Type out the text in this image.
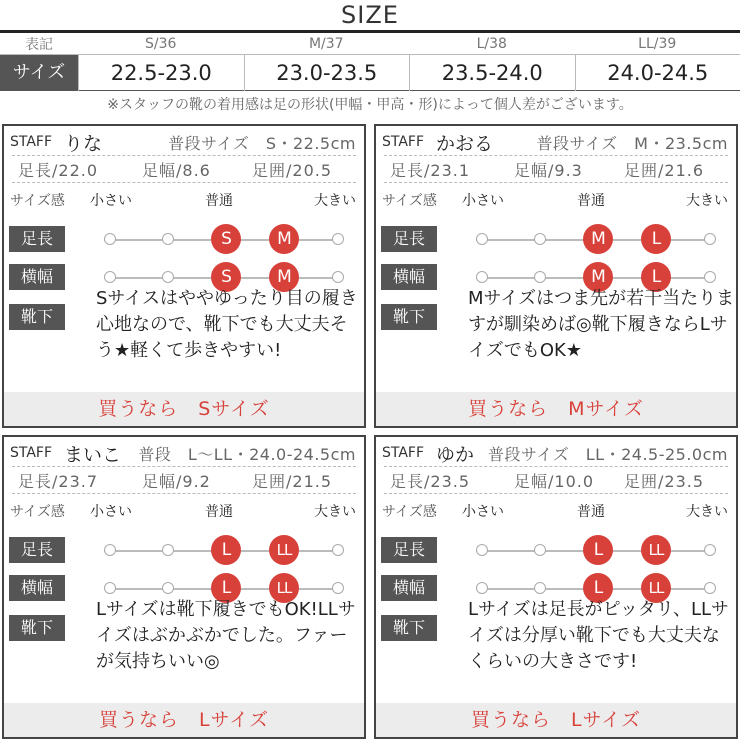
SIZE
表記	S/36	M/37	L/38	LL/39
サイズ	22.5-23.0	23.0-23.5	23.5-24.0	24.0-24.5
※スタッフの靴の着用感は足の形状(甲幅・甲高・形)によって個人差がございます。
STAFF りな	普段サイズ　S・22.5cm
足長/22.0	足幅/8.6	足囲/20.5
サイズ感 小さい	普通	大きい
足長	S	M
横幅	S	M
靴下
Sサイスはややゆったり目の履き心地なので、靴下でも大丈夫そう★軽くて歩きやすい!
買うなら　Sサイズ
STAFF かおる	普段サイズ　M・23.5cm
足長/23.1	足幅/9.3	足囲/21.6
サイズ感 小さい	普通	大きい
足長	M	L
横幅	M	L
靴下
Mサイズはつま先が若干当たりますが馴染めば◎靴下履きならLサイズでもOK★
買うなら　Mサイズ
STAFF まいこ 普段　L〜LL・24.0-24.5cm
足長/23.7	足幅/9.2	足囲/21.5
サイズ感 小さい	普通	大きい
足長	L	LL
横幅	L	LL
靴下
Lサイズは靴下履きでもOK!LLサイズはぶかぶかでした。ファーが気持ちいい◎
買うなら　Lサイズ
STAFF ゆか 普段サイズ　LL・24.5-25.0cm
足長/23.5	足幅/10.0 足囲/23.5
サイズ感 小さい	普通	大きい
足長	L	LL
横幅	L	LL
靴下
Lサイズは足長がピッタリ、LLサイズは分厚い靴下でも大丈夫なくらいの大きさです!
買うなら　Lサイズ
